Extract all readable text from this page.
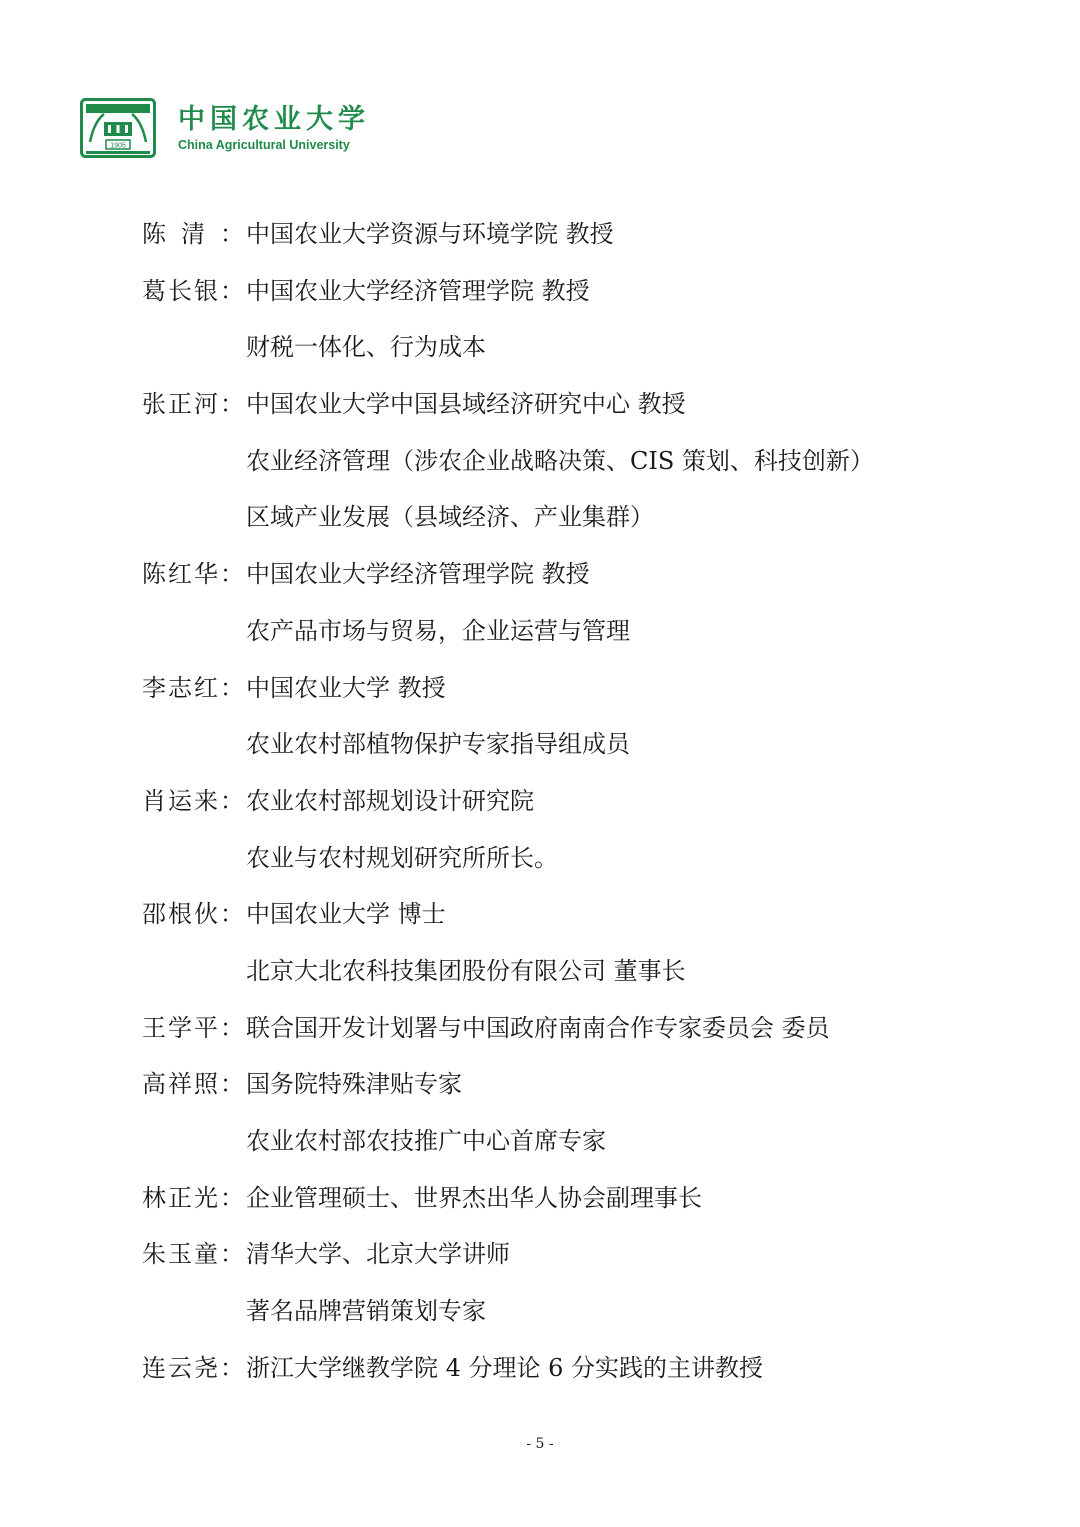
1905
中国农业大学
China Agricultural University
陈 清 ： 中国农业大学资源与环境学院 教授
葛 长 银 ： 中国农业大学经济管理学院 教授
财税一体化、行为成本
张 正 河 ： 中国农业大学中国县域经济研究中心 教授
农业经济管理（涉农企业战略决策、CIS 策划、科技创新）
区域产业发展（县域经济、产业集群）
陈 红 华 ： 中国农业大学经济管理学院 教授
农产品市场与贸易，企业运营与管理
李 志 红 ： 中国农业大学 教授
农业农村部植物保护专家指导组成员
肖 运 来 ： 农业农村部规划设计研究院
农业与农村规划研究所所长。
邵 根 伙 ： 中国农业大学 博士
北京大北农科技集团股份有限公司 董事长
王 学 平 ： 联合国开发计划署与中国政府南南合作专家委员会 委员
高 祥 照 ： 国务院特殊津贴专家
农业农村部农技推广中心首席专家
林 正 光 ： 企业管理硕士、世界杰出华人协会副理事长
朱 玉 童 ： 清华大学、北京大学讲师
著名品牌营销策划专家
连 云 尧 ： 浙江大学继教学院 4 分理论 6 分实践的主讲教授
- 5 -
